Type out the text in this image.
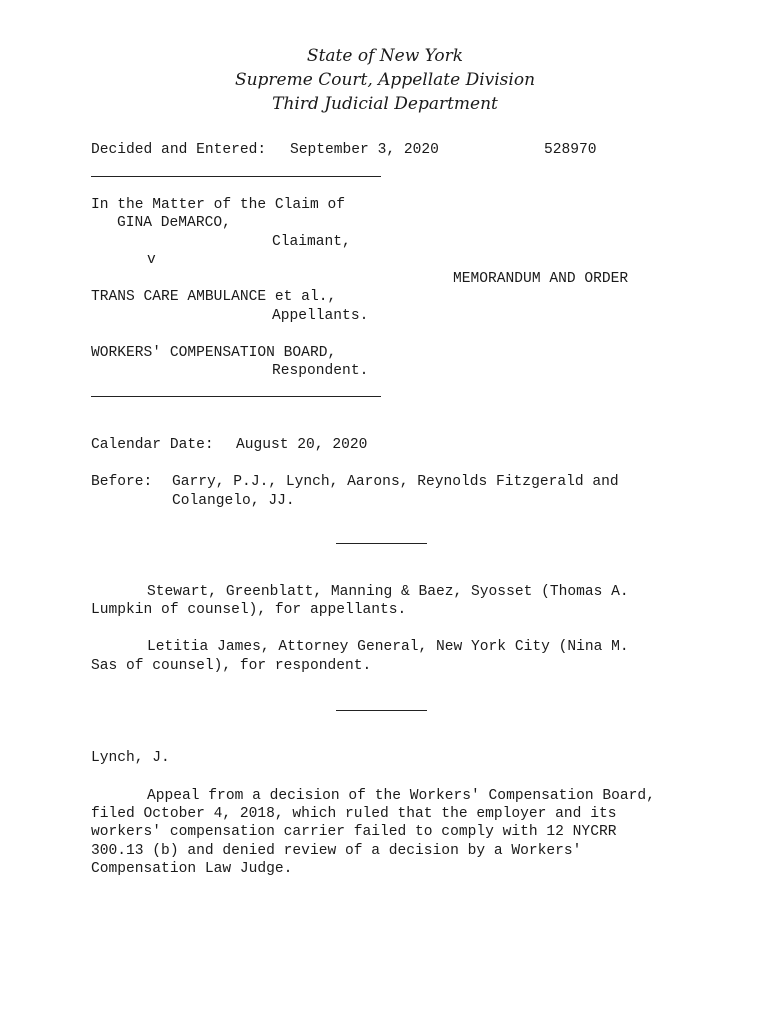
State of New York
Supreme Court, Appellate Division
Third Judicial Department
Decided and Entered: September 3, 2020	528970
In the Matter of the Claim of
GINA DeMARCO,
Claimant,
v
MEMORANDUM AND ORDER
TRANS CARE AMBULANCE et al.,
Appellants.
WORKERS' COMPENSATION BOARD,
Respondent.
Calendar Date: August 20, 2020
Before: Garry, P.J., Lynch, Aarons, Reynolds Fitzgerald and
Colangelo, JJ.
Stewart, Greenblatt, Manning & Baez, Syosset (Thomas A.
Lumpkin of counsel), for appellants.
Letitia James, Attorney General, New York City (Nina M.
Sas of counsel), for respondent.
Lynch, J.
Appeal from a decision of the Workers' Compensation Board,
filed October 4, 2018, which ruled that the employer and its
workers' compensation carrier failed to comply with 12 NYCRR
300.13 (b) and denied review of a decision by a Workers'
Compensation Law Judge.
